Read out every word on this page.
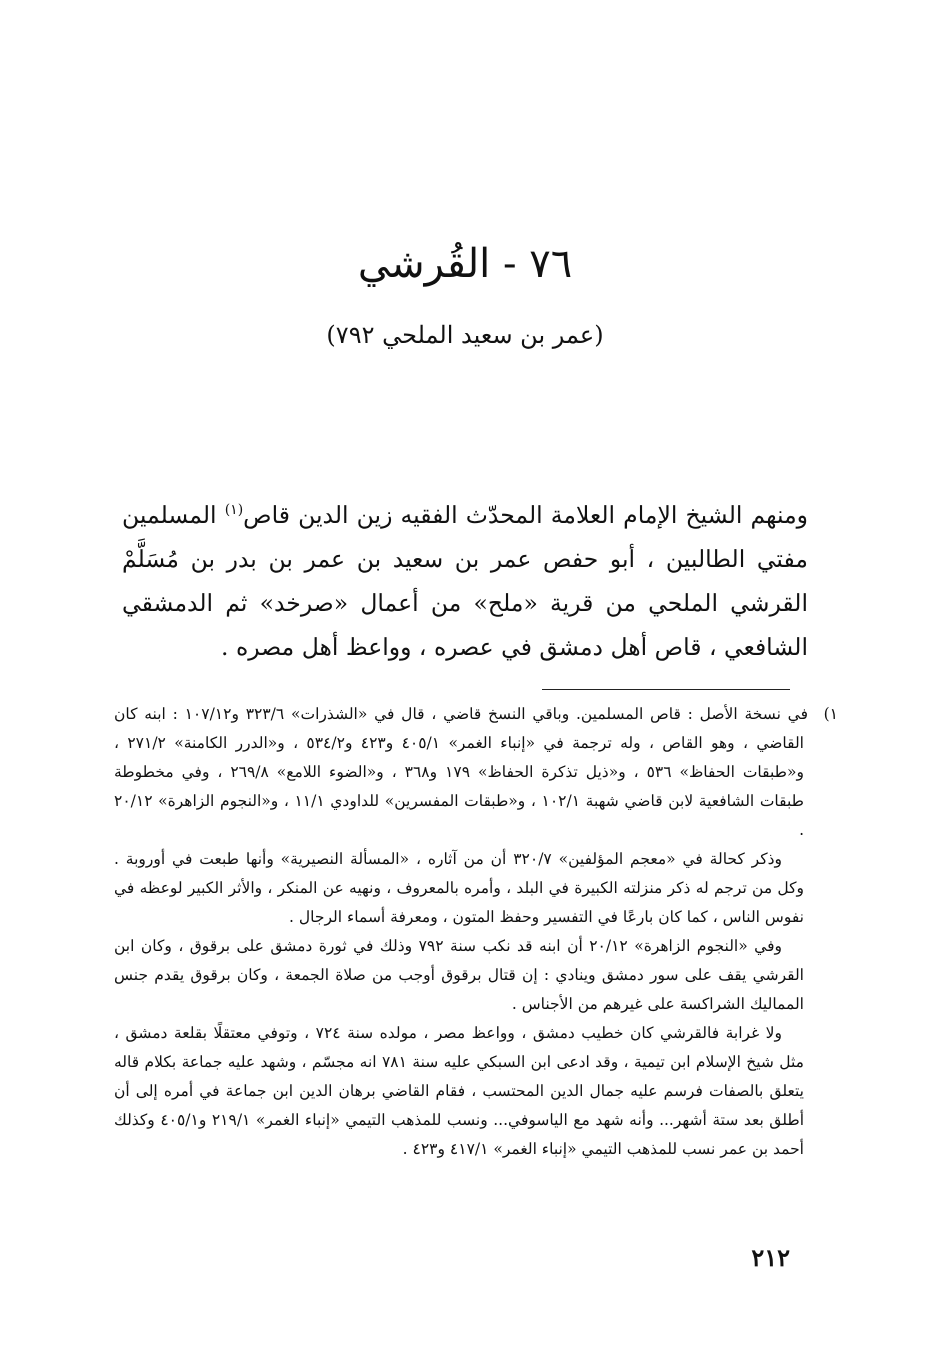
٧٦ - القُرشي
(عمر بن سعيد الملحي ٧٩٢)
ومنهم الشيخ الإمام العلامة المحدّث الفقيه زين الدين قاص$^{(١)}$ المسلمين مفتي الطالبين ، أبو حفص عمر بن سعيد بن عمر بن بدر بن مُسَلَّمْ القرشي الملحي من قرية «ملح» من أعمال «صرخد» ثم الدمشقي الشافعي ، قاص أهل دمشق في عصره ، وواعظ أهل مصره .

١)في نسخة الأصل : قاص المسلمين. وباقي النسخ قاضي ، قال في «الشذرات» ٣٢٣/٦ و١٠٧/١٢ : ابنه كان القاضي ، وهو القاص ، وله ترجمة في «إنباء الغمر» ٤٠٥/١ و٤٢٣ و٥٣٤/٢ ، و«الدرر الكامنة» ٢٧١/٢ ، و«طبقات الحفاظ» ٥٣٦ ، و«ذيل تذكرة الحفاظ» ١٧٩ و٣٦٨ ، و«الضوء اللامع» ٢٦٩/٨ ، وفي مخطوطة طبقات الشافعية لابن قاضي شهبة ١٠٢/١ ، و«طبقات المفسرين» للداودي ١١/١ ، و«النجوم الزاهرة» ٢٠/١٢ .

وذكر كحالة في «معجم المؤلفين» ٣٢٠/٧ أن من آثاره ، «المسألة النصيرية» وأنها طبعت في أوروبة . وكل من ترجم له ذكر منزلته الكبيرة في البلد ، وأمره بالمعروف ، ونهيه عن المنكر ، والأثر الكبير لوعظه في نفوس الناس ، كما كان بارعًا في التفسير وحفظ المتون ، ومعرفة أسماء الرجال .

وفي «النجوم الزاهرة» ٢٠/١٢ أن ابنه قد نكب سنة ٧٩٢ وذلك في ثورة دمشق على برقوق ، وكان ابن القرشي يقف على سور دمشق وينادي : إن قتال برقوق أوجب من صلاة الجمعة ، وكان برقوق يقدم جنس المماليك الشراكسة على غيرهم من الأجناس .

ولا غرابة فالقرشي كان خطيب دمشق ، وواعظ مصر ، مولده سنة ٧٢٤ ، وتوفي معتقلًا بقلعة دمشق ، مثل شيخ الإسلام ابن تيمية ، وقد ادعى ابن السبكي عليه سنة ٧٨١ انه مجسّم ، وشهد عليه جماعة بكلام قاله يتعلق بالصفات فرسم عليه جمال الدين المحتسب ، فقام القاضي برهان الدين ابن جماعة في أمره إلى أن أطلق بعد ستة أشهر... وأنه شهد مع الياسوفي... ونسب للمذهب التيمي «إنباء الغمر» ٢١٩/١ و٤٠٥/١ وكذلك أحمد بن عمر نسب للمذهب التيمي «إنباء الغمر» ٤١٧/١ و٤٢٣ .

٢١٢
